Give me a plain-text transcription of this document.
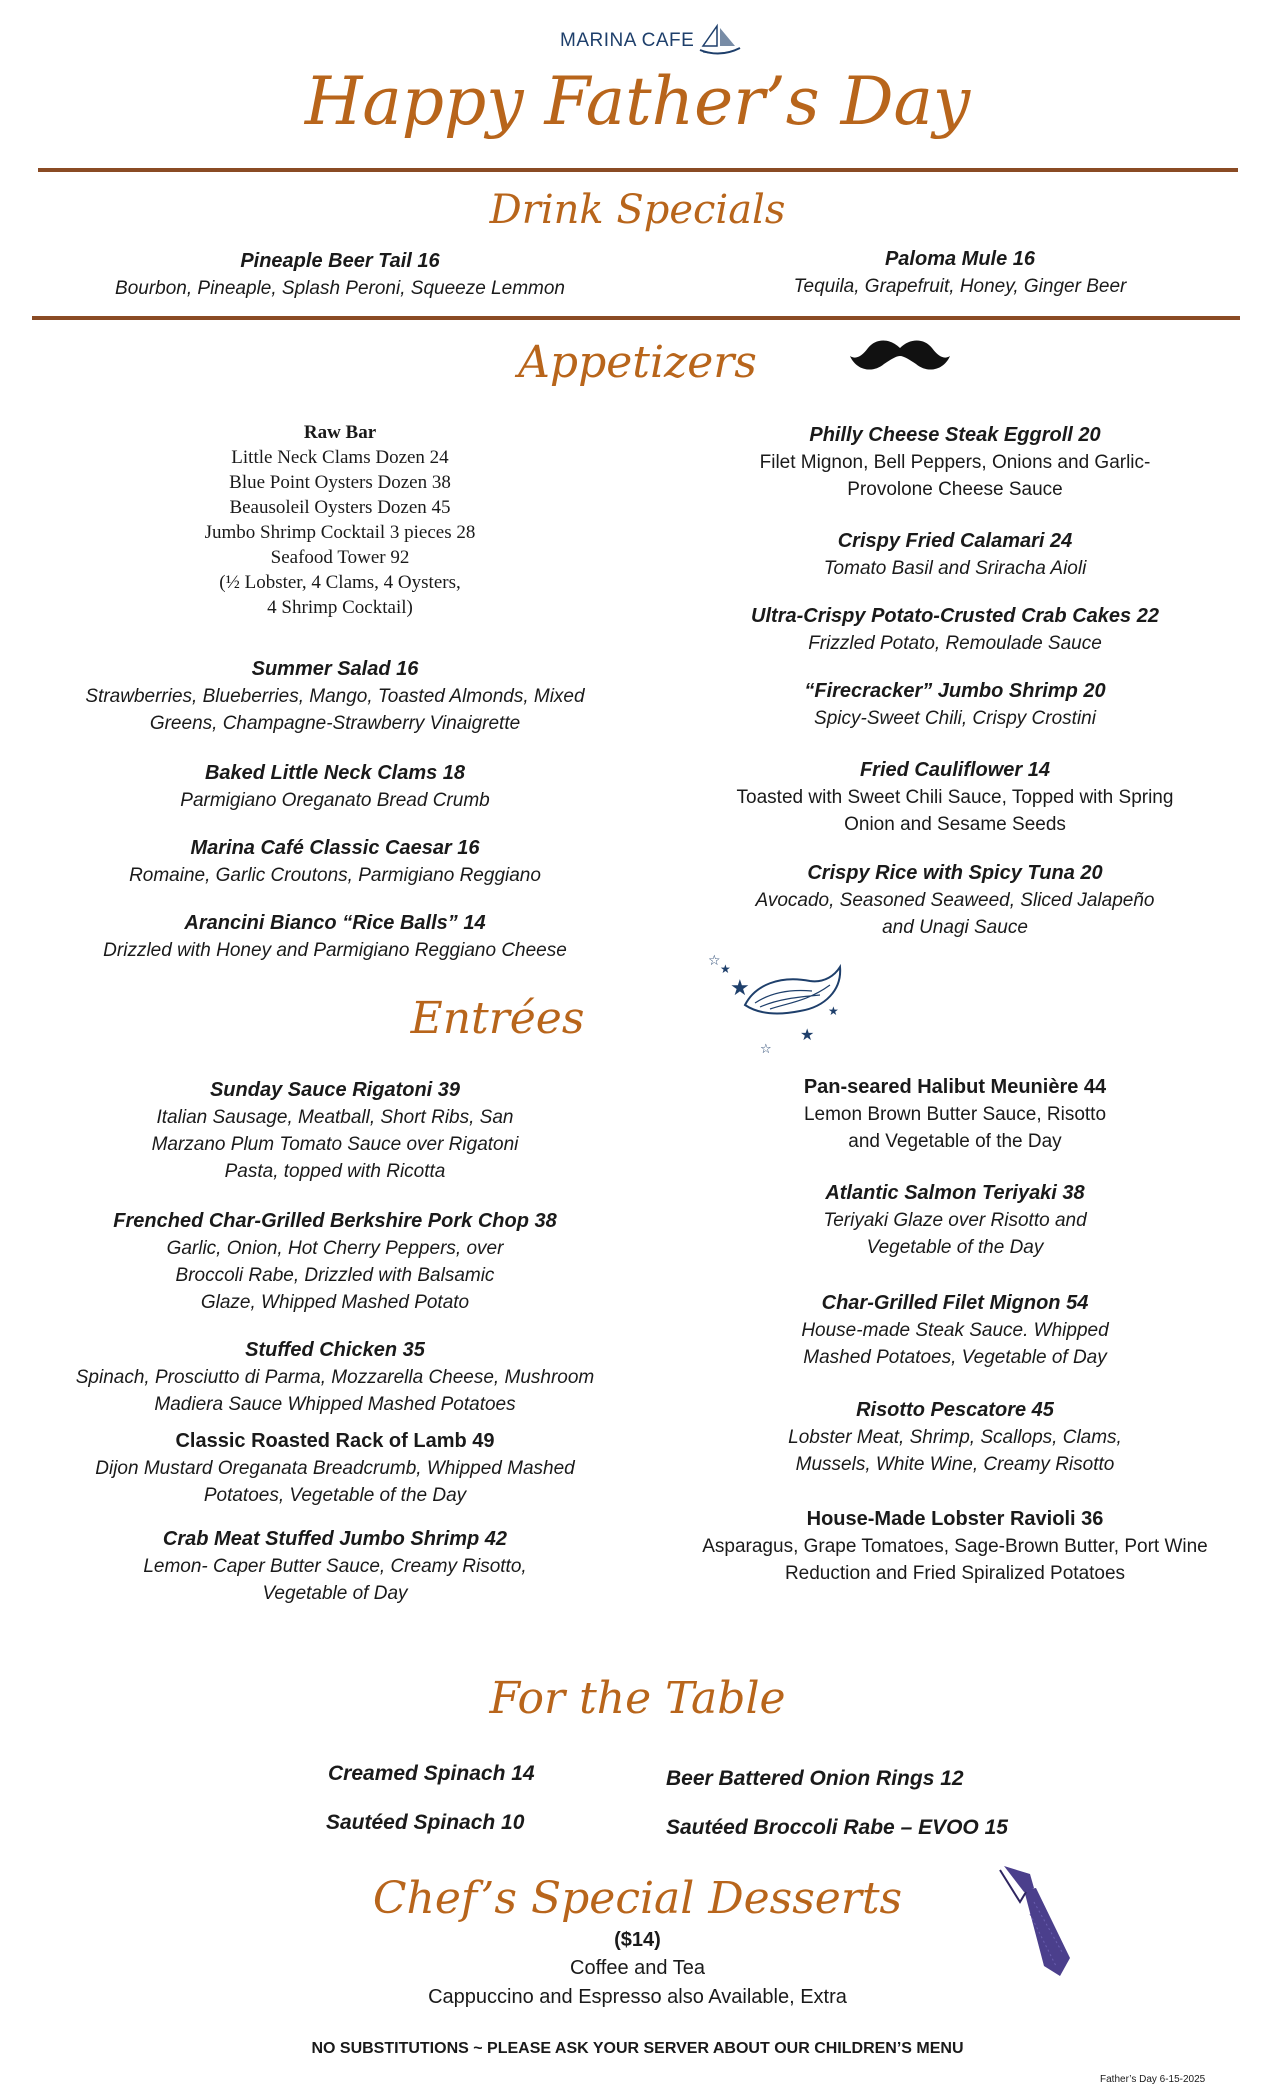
MARINA CAFE
Happy Father’s Day
Drink Specials
Pineaple Beer Tail 16
Bourbon, Pineaple, Splash Peroni, Squeeze Lemmon
Paloma Mule 16
Tequila, Grapefruit, Honey, Ginger Beer
Appetizers
Raw Bar
Little Neck Clams Dozen 24
Blue Point Oysters Dozen 38
Beausoleil Oysters Dozen 45
Jumbo Shrimp Cocktail 3 pieces 28
Seafood Tower 92
(½ Lobster, 4 Clams, 4 Oysters,
4 Shrimp Cocktail)
Summer Salad 16
Strawberries, Blueberries, Mango, Toasted Almonds, Mixed Greens, Champagne-Strawberry Vinaigrette
Baked Little Neck Clams 18
Parmigiano Oreganato Bread Crumb
Marina Café Classic Caesar 16
Romaine, Garlic Croutons, Parmigiano Reggiano
Arancini Bianco “Rice Balls” 14
Drizzled with Honey and Parmigiano Reggiano Cheese
Philly Cheese Steak Eggroll 20
Filet Mignon, Bell Peppers, Onions and Garlic-Provolone Cheese Sauce
Crispy Fried Calamari 24
Tomato Basil and Sriracha Aioli
Ultra-Crispy Potato-Crusted Crab Cakes 22
Frizzled Potato, Remoulade Sauce
“Firecracker” Jumbo Shrimp 20
Spicy-Sweet Chili, Crispy Crostini
Fried Cauliflower 14
Toasted with Sweet Chili Sauce, Topped with Spring Onion and Sesame Seeds
Crispy Rice with Spicy Tuna 20
Avocado, Seasoned Seaweed, Sliced Jalapeño and Unagi Sauce
★
☆
★
★
☆
★
Entrées
Sunday Sauce Rigatoni 39
Italian Sausage, Meatball, Short Ribs, San Marzano Plum Tomato Sauce over Rigatoni Pasta, topped with Ricotta
Frenched Char-Grilled Berkshire Pork Chop 38
Garlic, Onion, Hot Cherry Peppers, over Broccoli Rabe, Drizzled with Balsamic Glaze, Whipped Mashed Potato
Stuffed Chicken 35
Spinach, Prosciutto di Parma, Mozzarella Cheese, Mushroom Madiera Sauce Whipped Mashed Potatoes
Classic Roasted Rack of Lamb 49
Dijon Mustard Oreganata Breadcrumb, Whipped Mashed Potatoes, Vegetable of the Day
Crab Meat Stuffed Jumbo Shrimp 42
Lemon- Caper Butter Sauce, Creamy Risotto, Vegetable of Day
Pan-seared Halibut Meunière 44
Lemon Brown Butter Sauce, Risotto and Vegetable of the Day
Atlantic Salmon Teriyaki 38
Teriyaki Glaze over Risotto and Vegetable of the Day
Char-Grilled Filet Mignon 54
House-made Steak Sauce. Whipped Mashed Potatoes, Vegetable of Day
Risotto Pescatore 45
Lobster Meat, Shrimp, Scallops, Clams, Mussels, White Wine, Creamy Risotto
House-Made Lobster Ravioli 36
Asparagus, Grape Tomatoes, Sage-Brown Butter, Port Wine Reduction and Fried Spiralized Potatoes
For the Table
Creamed Spinach 14
Sautéed Spinach 10
Beer Battered Onion Rings 12
Sautéed Broccoli Rabe – EVOO 15
Chef’s Special Desserts
($14)
Coffee and Tea
Cappuccino and Espresso also Available, Extra
NO SUBSTITUTIONS ~ PLEASE ASK YOUR SERVER ABOUT OUR CHILDREN’S MENU
Father’s Day 6-15-2025
